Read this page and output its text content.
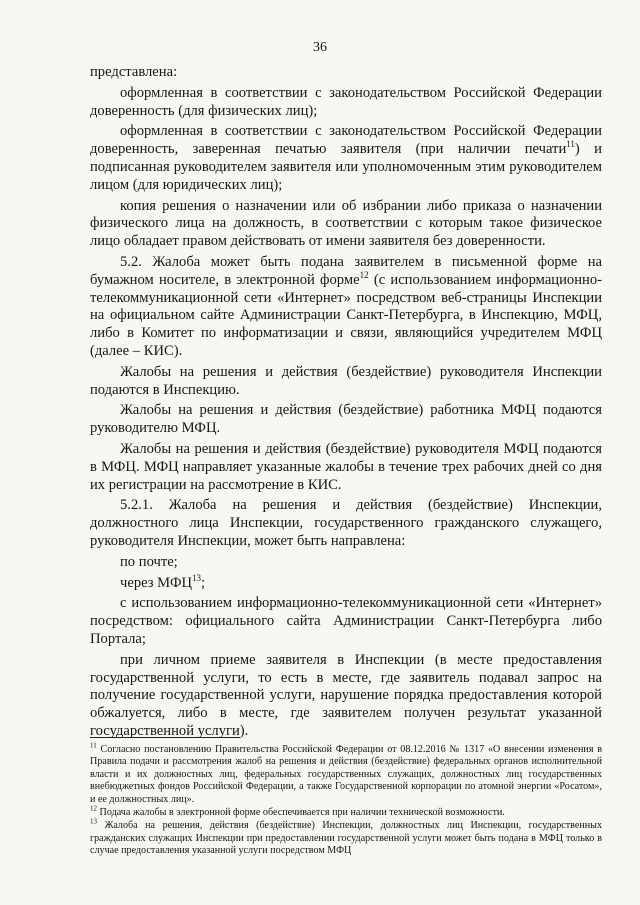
36

представлена:

оформленная в соответствии с законодательством Российской Федерации доверенность (для физических лиц);

оформленная в соответствии с законодательством Российской Федерации доверенность, заверенная печатью заявителя (при наличии печати$^{11}$) и подписанная руководителем заявителя или уполномоченным этим руководителем лицом (для юридических лиц);

копия решения о назначении или об избрании либо приказа о назначении физического лица на должность, в соответствии с которым такое физическое лицо обладает правом действовать от имени заявителя без доверенности.

5.2. Жалоба может быть подана заявителем в письменной форме на бумажном носителе, в электронной форме$^{12}$ (с использованием информационно-телекоммуникационной сети «Интернет» посредством веб-страницы Инспекции на официальном сайте Администрации Санкт-Петербурга, в Инспекцию, МФЦ, либо в Комитет по информатизации и связи, являющийся учредителем МФЦ (далее – КИС).

Жалобы на решения и действия (бездействие) руководителя Инспекции подаются в Инспекцию.

Жалобы на решения и действия (бездействие) работника МФЦ подаются руководителю МФЦ.

Жалобы на решения и действия (бездействие) руководителя МФЦ подаются в МФЦ. МФЦ направляет указанные жалобы в течение трех рабочих дней со дня их регистрации на рассмотрение в КИС.

5.2.1. Жалоба на решения и действия (бездействие) Инспекции, должностного лица Инспекции, государственного гражданского служащего, руководителя Инспекции, может быть направлена:

по почте;

через МФЦ$^{13}$;

с использованием информационно-телекоммуникационной сети «Интернет» посредством: официального сайта Администрации Санкт-Петербурга либо Портала;

при личном приеме заявителя в Инспекции (в месте предоставления государственной услуги, то есть в месте, где заявитель подавал запрос на получение государственной услуги, нарушение порядка предоставления которой обжалуется, либо в месте, где заявителем получен результат указанной государственной услуги).

$^{11}$ Согласно постановлению Правительства Российской Федерации от 08.12.2016 № 1317 «О внесении изменения в Правила подачи и рассмотрения жалоб на решения и действия (бездействие) федеральных органов исполнительной власти и их должностных лиц, федеральных государственных служащих, должностных лиц государственных внебюджетных фондов Российской Федерации, а также Государственной корпорации по атомной энергии «Росатом», и ее должностных лиц».

$^{12}$ Подача жалобы в электронной форме обеспечивается при наличии технической возможности.

$^{13}$ Жалоба на решения, действия (бездействие) Инспекции, должностных лиц Инспекции, государственных гражданских служащих Инспекции при предоставлении государственной услуги может быть подана в МФЦ только в случае предоставления указанной услуги посредством МФЦ
